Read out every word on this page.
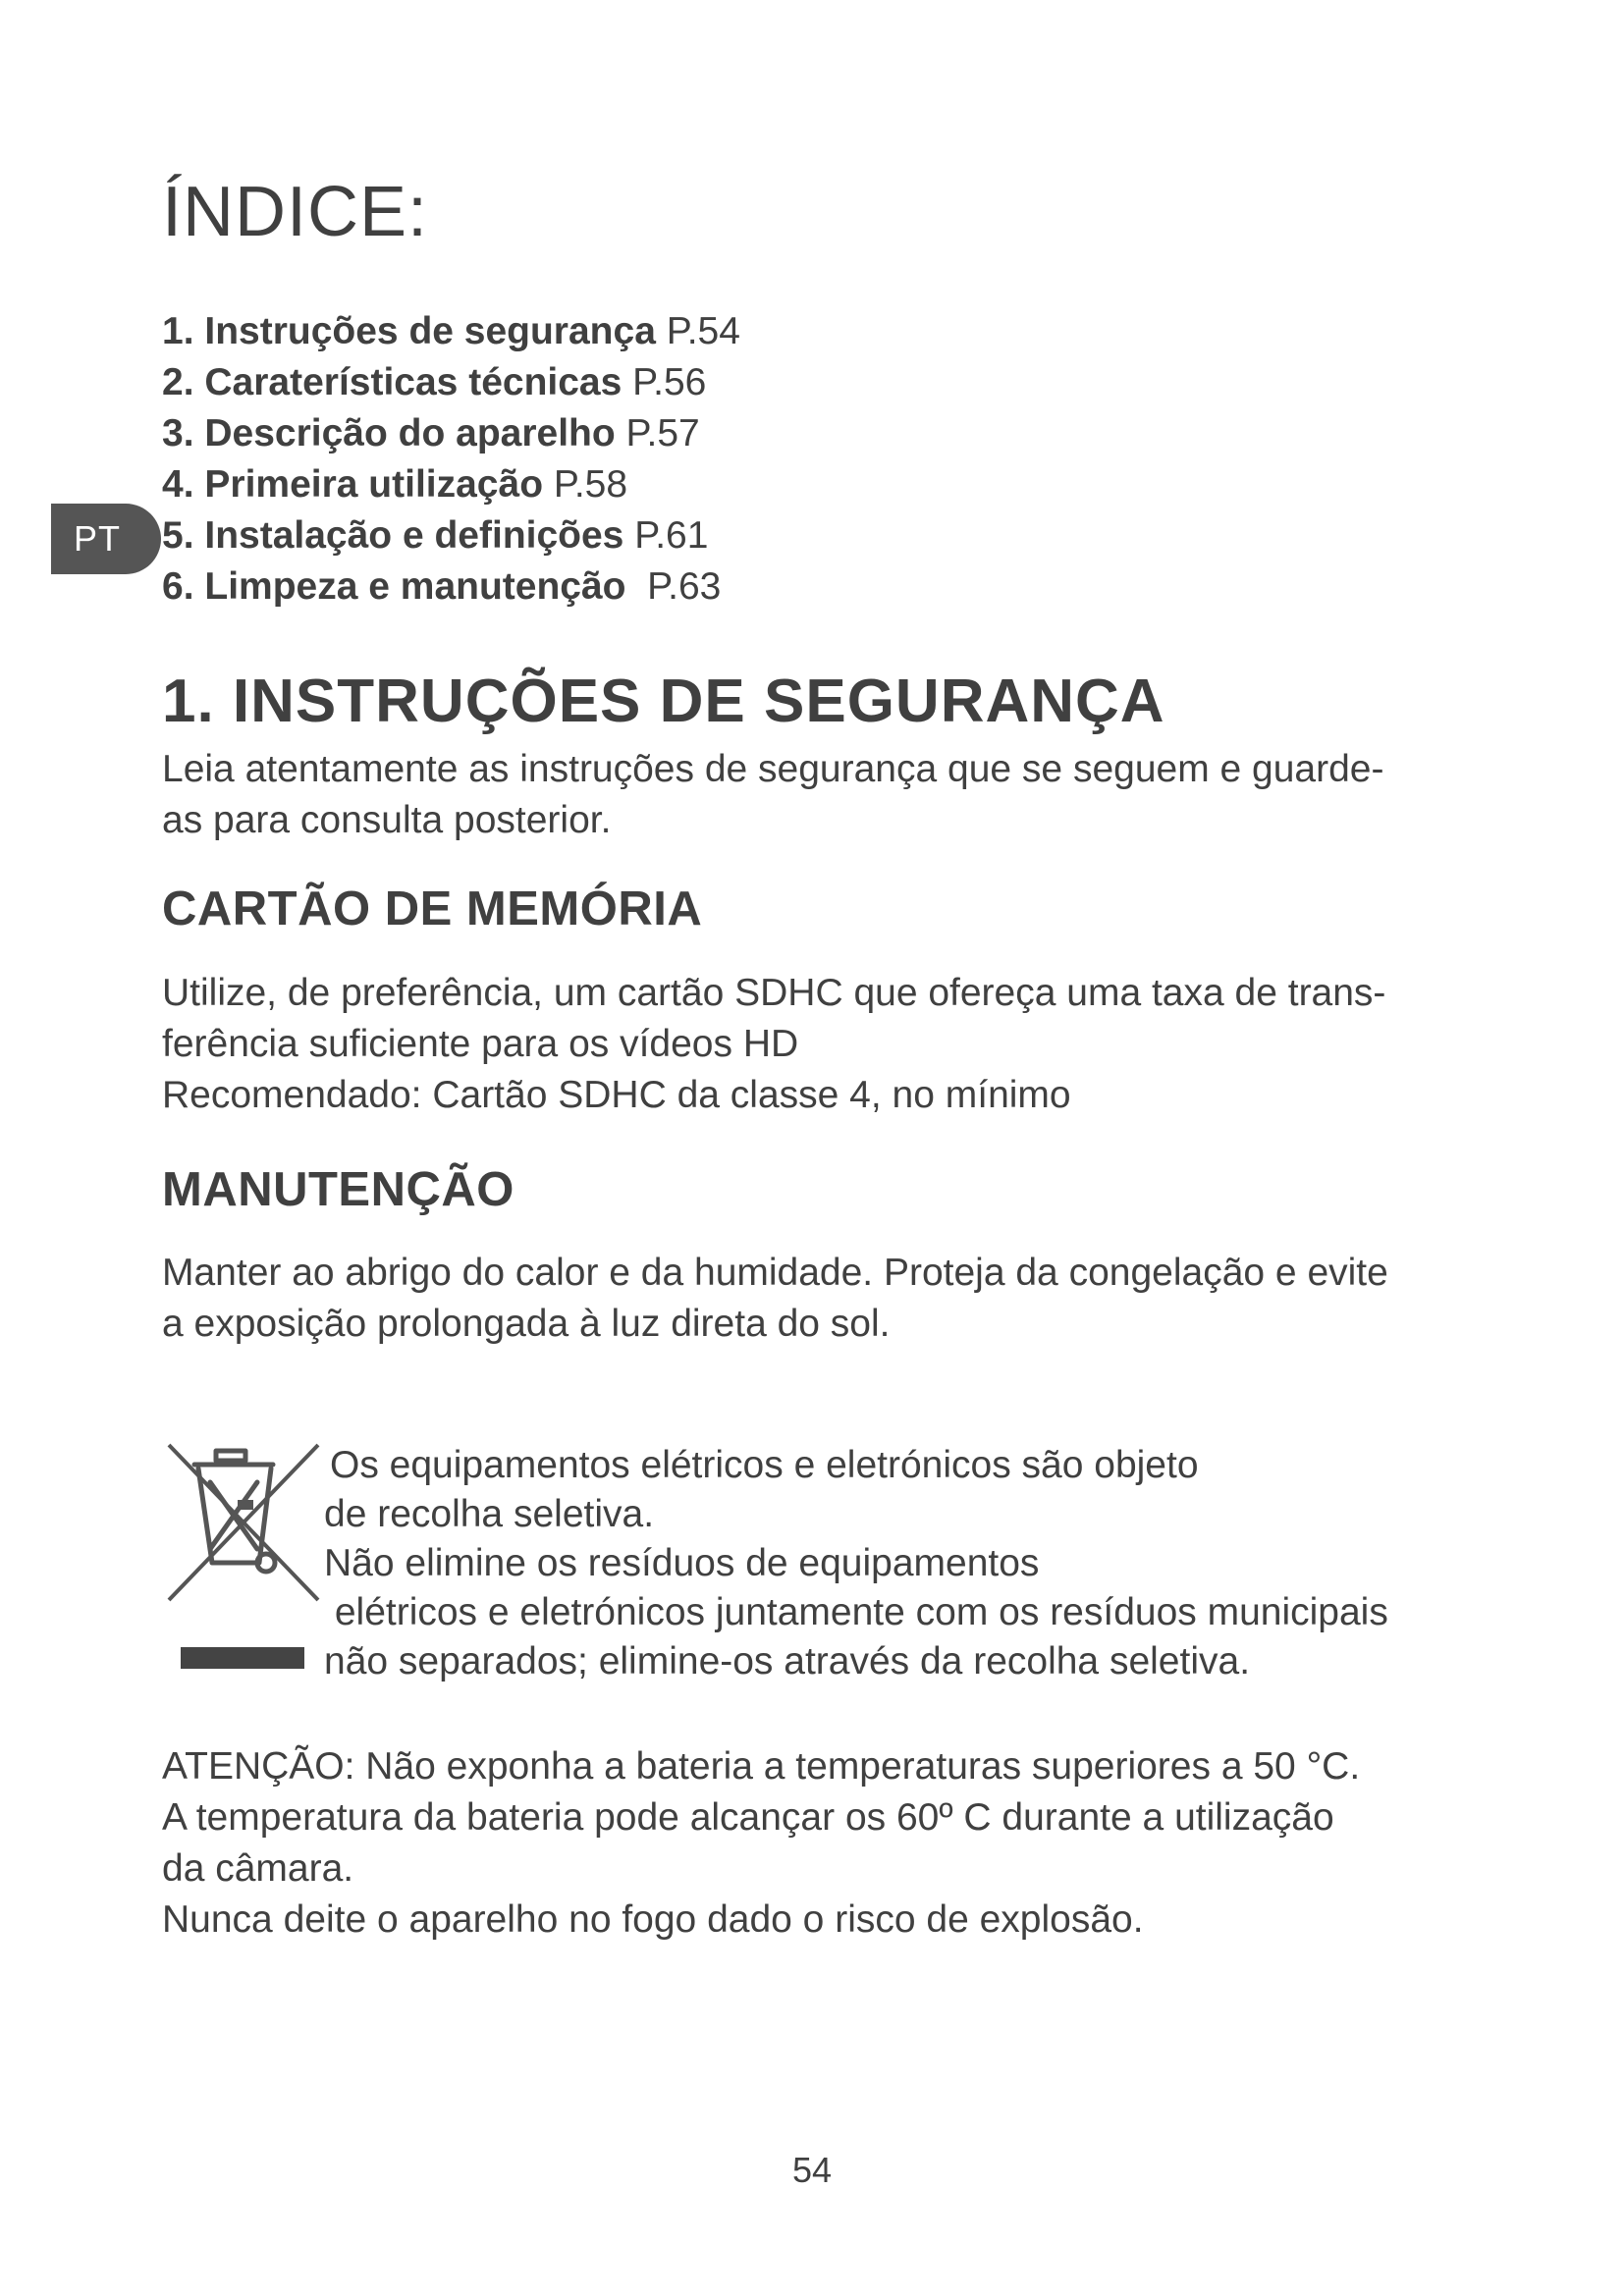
ÍNDICE:
1. Instruções de segurança P.54
2. Caraterísticas técnicas P.56
3. Descrição do aparelho P.57
4. Primeira utilização P.58
5. Instalação e definições P.61
6. Limpeza e manutenção P.63
PT
1. INSTRUÇÕES DE SEGURANÇA
Leia atentamente as instruções de segurança que se seguem e guarde-
as para consulta posterior.
CARTÃO DE MEMÓRIA
Utilize, de preferência, um cartão SDHC que ofereça uma taxa de trans-
ferência suficiente para os vídeos HD
Recomendado: Cartão SDHC da classe 4, no mínimo
MANUTENÇÃO
Manter ao abrigo do calor e da humidade. Proteja da congelação e evite
a exposição prolongada à luz direta do sol.
Os equipamentos elétricos e eletrónicos são objeto
de recolha seletiva.
Não elimine os resíduos de equipamentos
elétricos e eletrónicos juntamente com os resíduos municipais
não separados; elimine-os através da recolha seletiva.
ATENÇÃO: Não exponha a bateria a temperaturas superiores a 50 °C.
A temperatura da bateria pode alcançar os 60º C durante a utilização
da câmara.
Nunca deite o aparelho no fogo dado o risco de explosão.
54
